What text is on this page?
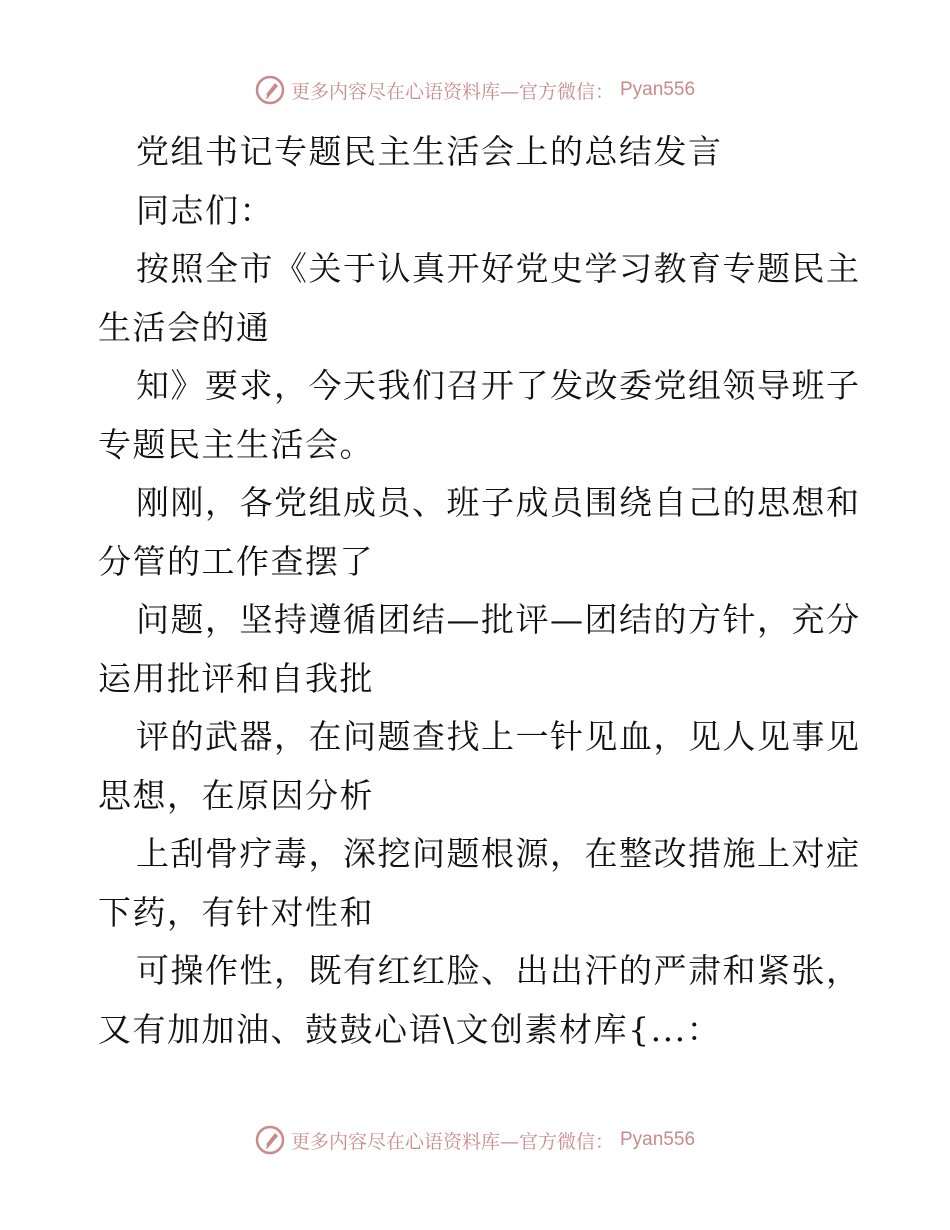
更多内容尽在心语资料库—官方微信： Pyan556
党组书记专题民主生活会上的总结发言
同志们：
按照全市《关于认真开好党史学习教育专题民主
生活会的通
知》要求，今天我们召开了发改委党组领导班子
专题民主生活会。
刚刚，各党组成员、班子成员围绕自己的思想和
分管的工作查摆了
问题，坚持遵循团结—批评—团结的方针，充分
运用批评和自我批
评的武器，在问题查找上一针见血，见人见事见
思想，在原因分析
上刮骨疗毒，深挖问题根源，在整改措施上对症
下药，有针对性和
可操作性，既有红红脸、出出汗的严肃和紧张，
又有加加油、鼓鼓心语\文创素材库{...：
更多内容尽在心语资料库—官方微信： Pyan556
